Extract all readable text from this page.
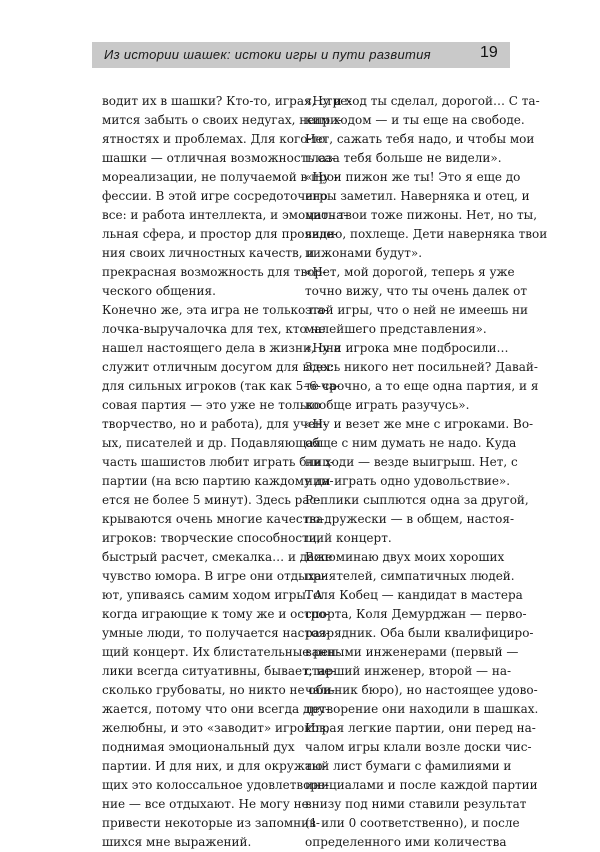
Из истории шашек: истоки игры и пути развития	19
водит их в шашки? Кто-то, играя, стре-
мится забыть о своих недугах, непри-
ятностях и проблемах. Для кого-то
шашки — отличная возможность са-
мореализации, не получаемой в про-
фессии. В этой игре сосредоточено
все: и работа интеллекта, и эмоциона-
льная сфера, и простор для проявле-
ния своих личностных качеств, и
прекрасная возможность для твор-
ческого общения.
Конечно же, эта игра не только па-
лочка-выручалочка для тех, кто не
нашел настоящего дела в жизни, она
служит отличным досугом для всех:
для сильных игроков (так как 5–6-ча-
совая партия — это уже не только
творчество, но и работа), для учен-
ых, писателей и др. Подавляющая
часть шашистов любит играть блиц-
партии (на всю партию каждому да-
ется не более 5 минут). Здесь рас-
крываются очень многие качества
игроков: творческие способности,
быстрый расчет, смекалка… и даже
чувство юмора. В игре они отдыха-
ют, упиваясь самим ходом игры. А
когда играющие к тому же и остро-
умные люди, то получается настоя-
щий концерт. Их блистательные реп-
лики всегда ситуативны, бывает, не-
сколько грубоваты, но никто не оби-
жается, потому что они всегда дру-
желюбны, и это «заводит» игроков,
поднимая эмоциональный дух
партии. И для них, и для окружаю-
щих это колоссальное удовлетворе-
ние — все отдыхают. Не могу не
привести некоторые из запомнив-
шихся мне выражений.
«Ну и ход ты сделал, дорогой… С та-
ким ходом — и ты еще на свободе.
Нет, сажать тебя надо, и чтобы мои
глаза тебя больше не видели».
«Ну и пижон же ты! Это я еще до
игры заметил. Наверняка и отец, и
мать твои тоже пижоны. Нет, но ты,
видно, похлеще. Дети наверняка твои
пижонами будут».
«Нет, мой дорогой, теперь я уже
точно вижу, что ты очень далек от
этой игры, что о ней не имеешь ни
малейшего представления».
«Ну и игрока мне подбросили…
Здесь никого нет посильней? Давай-
те срочно, а то еще одна партия, и я
вообще играть разучусь».
«Ну и везет же мне с игроками. Во-
обще с ним думать не надо. Куда
ни ходи — везде выигрыш. Нет, с
ним играть одно удовольствие».
Реплики сыплются одна за другой,
по-дружески — в общем, настоя-
щий концерт.
Вспоминаю двух моих хороших
приятелей, симпатичных людей.
Толя Кобец — кандидат в мастера
спорта, Коля Демурджан — перво-
разрядник. Оба были квалифициро-
ванными инженерами (первый —
старший инженер, второй — на-
чальник бюро), но настоящее удово-
летворение они находили в шашках.
Играя легкие партии, они перед на-
чалом игры клали возле доски чис-
тый лист бумаги с фамилиями и
инициалами и после каждой партии
внизу под ними ставили результат
(1 или 0 соответственно), и после
определенного ими количества
